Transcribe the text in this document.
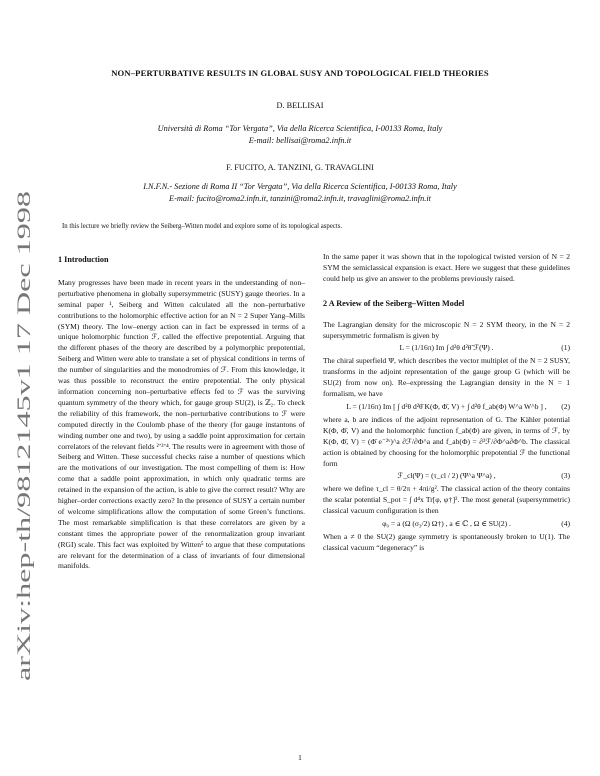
arXiv:hep-th/9812145v1 17 Dec 1998
NON–PERTURBATIVE RESULTS IN GLOBAL SUSY AND TOPOLOGICAL FIELD THEORIES
D. BELLISAI
Università di Roma “Tor Vergata”, Via della Ricerca Scientifica, I-00133 Roma, Italy
E-mail: bellisai@roma2.infn.it
F. FUCITO, A. TANZINI, G. TRAVAGLINI
I.N.F.N.- Sezione di Roma II “Tor Vergata”, Via della Ricerca Scientifica, I-00133 Roma, Italy
E-mail: fucito@roma2.infn.it, tanzini@roma2.infn.it, travaglini@roma2.infn.it
In this lecture we briefly review the Seiberg–Witten model and explore some of its topological aspects.
1 Introduction

Many progresses have been made in recent years in the understanding of non–perturbative phenomena in globally supersymmetric (SUSY) gauge theories. In a seminal paper ¹, Seiberg and Witten calculated all the non–perturbative contributions to the holomorphic effective action for an N = 2 Super Yang–Mills (SYM) theory. The low–energy action can in fact be expressed in terms of a unique holomorphic function ℱ, called the effective prepotential. Arguing that the different phases of the theory are described by a polymorphic prepotential, Seiberg and Witten were able to translate a set of physical conditions in terms of the number of singularities and the monodromies of ℱ. From this knowledge, it was thus possible to reconstruct the entire prepotential. The only physical information concerning non–perturbative effects fed to ℱ was the surviving quantum symmetry of the theory which, for gauge group SU(2), is ℤ₂. To check the reliability of this framework, the non–perturbative contributions to ℱ were computed directly in the Coulomb phase of the theory (for gauge instantons of winding number one and two), by using a saddle point approximation for certain correlators of the relevant fields ²ʼ³ʼ⁴. The results were in agreement with those of Seiberg and Witten. These successful checks raise a number of questions which are the motivations of our investigation. The most compelling of them is: How come that a saddle point approximation, in which only quadratic terms are retained in the expansion of the action, is able to give the correct result? Why are higher–order corrections exactly zero? In the presence of SUSY a certain number of welcome simplifications allow the computation of some Green’s functions. The most remarkable simplification is that these correlators are given by a constant times the appropriate power of the renormalization group invariant (RGI) scale. This fact was exploited by Witten⁵ to argue that these computations are relevant for the determination of a class of invariants of four dimensional manifolds.

In the same paper it was shown that in the topological twisted version of N = 2 SYM the semiclassical expansion is exact. Here we suggest that these guidelines could help us give an answer to the problems previously raised.

2 A Review of the Seiberg–Witten Model

The Lagrangian density for the microscopic N = 2 SYM theory, in the N = 2 supersymmetric formalism is given by

L = (1/16π) Im ∫ d²θ d²θ̃ ℱ(Ψ) .	(1)

The chiral superfield Ψ, which describes the vector multiplet of the N = 2 SUSY, transforms in the adjoint representation of the gauge group G (which will be SU(2) from now on). Re–expressing the Lagrangian density in the N = 1 formalism, we have

L = (1/16π) Im [ ∫ d²θ d²θ̄ K(Φ, Φ̄, V) + ∫ d²θ f_ab(Φ) W^a W^b ] , (2)

where a, b are indices of the adjoint representation of G. The Kähler potential K(Φ, Φ̄, V) and the holomorphic function f_ab(Φ) are given, in terms of ℱ, by K(Φ, Φ̄, V) = (Φ̄ e⁻²ᵛ)^a ∂ℱ/∂Φ^a and f_ab(Φ) = ∂²ℱ/∂Φ^a∂Φ^b. The classical action is obtained by choosing for the holomorphic prepotential ℱ the functional form

ℱ_cl(Ψ) = (τ_cl / 2) (Ψ^a Ψ^a) ,	(3)

where we define τ_cl = θ/2π + 4πi/g². The classical action of the theory contains the scalar potential S_pot = ∫ d⁴x Tr[φ, φ†]². The most general (supersymmetric) classical vacuum configuration is then

φ₀ = a (Ω (σ₃/2) Ω†) , a ∈ ℂ , Ω ∈ SU(2) .	(4)

When a ≠ 0 the SU(2) gauge symmetry is spontaneously broken to U(1). The classical vacuum “degeneracy” is

1
